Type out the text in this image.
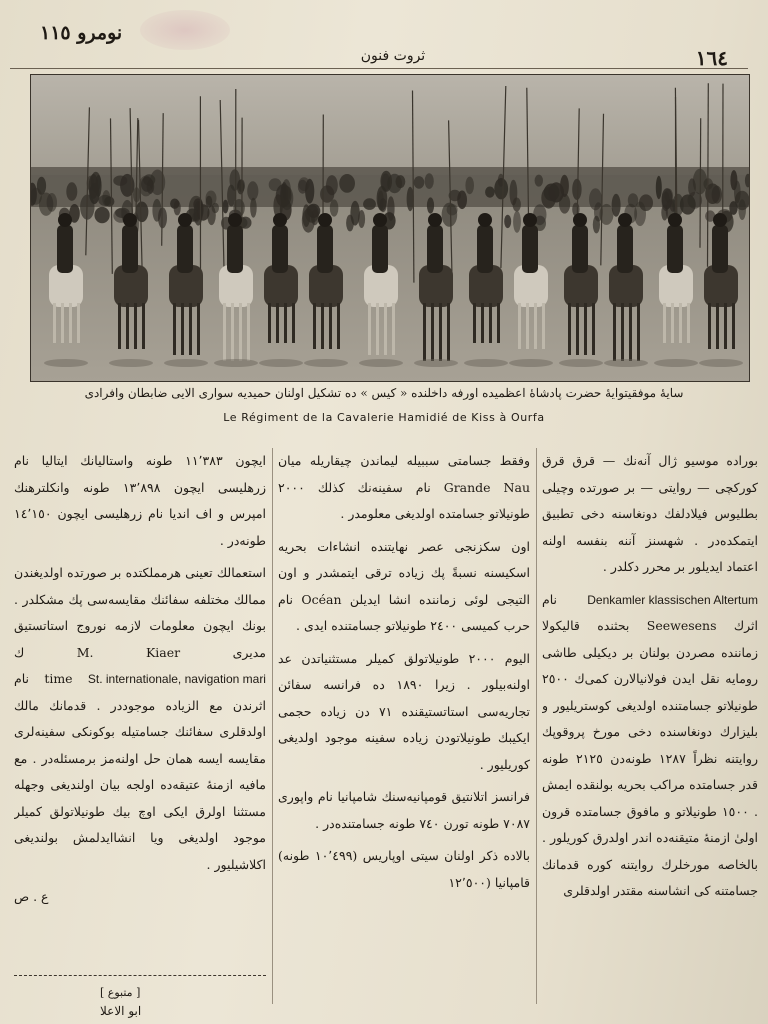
١٦٤
ثروت فنون
نومرو ١١٥
سایهٔ موفقیتوایهٔ حضرت پادشاهٔ اعظمیده اورفه داخلنده « کیس » ده تشکیل اولنان حمیدیه سواری الایی ضابطان وافرادی
Le Régiment de la Cavalerie Hamidié de Kiss à Ourfa

بوراده موسیو ژال آنه‌نك — قرق قرق کورکچی — روایتی — بر صورتده وچیلی بطلیوس فیلادلفك دونغاسنه دخی تطبیق ایتمکده‌در . شهسنز آننه بنفسه اولنه اعتماد ایدیلور بر محرر دکلدر .

Denkamler klassischen Altertum نام اثرك Seewesens بحثنده قالیکولا زماننده مصردن بولنان بر دیکیلی طاشی رومایه نقل ایدن فولانیالارن کمی‌ك ٢٥٠٠ طونیلاتو جسامتنده اولدیغی کوستریلیور و بلیزارك دونغاسنده دخی مورخ پروقوپك روایتنه نظراً ١٢٨٧ طونه‌دن ٢١٢٥ طونه قدر جسامتده مراکب بحریه بولنقده ایمش . ١٥٠٠ طونیلاتو و مافوق جسامتده قرون اولیٰ ازمنهٔ متیقنه‌ده اندر اولدرق کوریلور . بالخاصه مورخلرك روایتنه کوره قدمانك جسامتنه کی انشاسنه مقتدر اولدقلری

وفقط جسامتی سببیله لیماندن چیقاریله میان Grande Nau نام سفینه‌نك کذلك ٢٠٠٠ طونیلاتو جسامتده اولدیغی معلومدر .

اون سکزنجی عصر نهایتنده انشاءات بحریه اسکیسنه نسبةً پك زیاده ترقی ایتمشدر و اون التیجی لوئی زماننده انشا ایدیلن Océan نام حرب کمیسی ٢٤٠٠ طونیلاتو جسامتنده ایدی .

الیوم ٢٠٠٠ طونیلاتولق کمیلر مستثنیاتدن عد اولنه‌بیلور . زیرا ١٨٩٠ ده فرانسه سفائن تجاریه‌سی استاتستیقنده ٧١ دن زیاده حجمی ایکیبك طونیلاتودن زیاده سفینه موجود اولدیغی کوریلیور .

فرانسز اتلانتیق قومپانیه‌سنك شامپانیا نام واپوری ٧٠٨٧ طونه تورن ٧٤٠ طونه جسامتنده‌در .

بالاده ذکر اولنان سیتی اوپاریس (١٠٬٤٩٩ طونه) قامپانیا (١٢٬٥٠٠

ایچون ١١٬٣٨٣ طونه واستالیانك ایتالیا نام زرهلیسی ایچون ١٣٬٨٩٨ طونه وانکلترهنك امپرس و اف انديا نام زرهلیسی ایچون ١٤٬١٥٠ طونه‌در .

استعمالك تعینی هرمملکتده بر صورتده اولدیغندن ممالك مختلفه سفائنك مقایسه‌سی پك مشکلدر . بونك ایچون معلومات لازمه نوروج استاتستیق مدیری M. Kiaer ك St. internationale, navigation mari time نام اثرندن مع الزیاده موجوددر . قدمانك مالك اولدقلری سفائنك جسامتیله بوکونکی سفینه‌لری مقایسه ایسه همان حل اولنه‌مز برمسئله‌در . مع مافیه ازمنهٔ عتیقه‌ده اولجه بیان اولندیغی وجهله مستثنا اولرق ایکی اوچ بیك طونیلاتولق کمیلر موجود اولدیغی ویا انشاایدلمش بولندیغی اکلاشیلیور .

ع . ص

[ متبوع ]
ابو الاعلا
